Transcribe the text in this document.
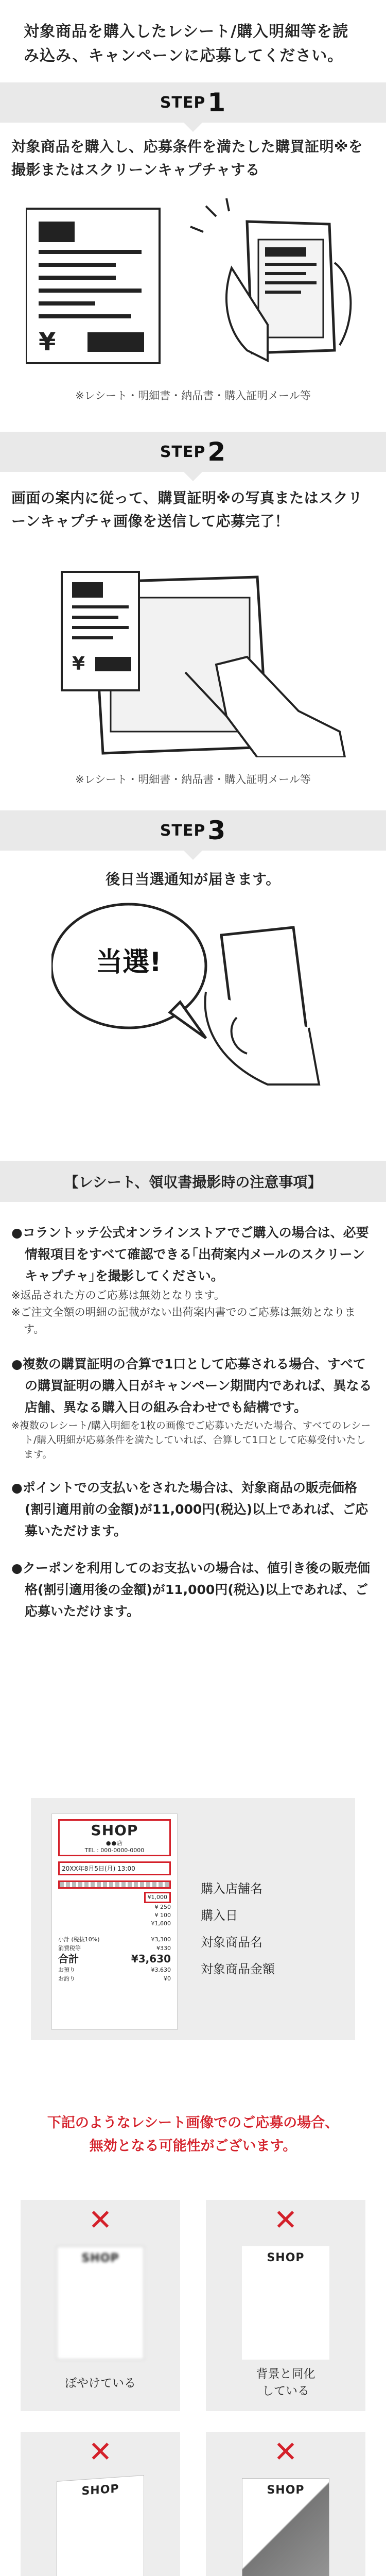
対象商品を購入したレシート/購入明細等を読み込み、キャンペーンに応募してください。

STEP 1

対象商品を購入し、応募条件を満たした購買証明※を撮影またはスクリーンキャプチャする

¥

※レシート・明細書・納品書・購入証明メール等

STEP 2

画面の案内に従って、購買証明※の写真またはスクリーンキャプチャ画像を送信して応募完了！

¥

※レシート・明細書・納品書・購入証明メール等

STEP 3

後日当選通知が届きます。

当選!
【レシート、領収書撮影時の注意事項】

●コラントッテ公式オンラインストアでご購入の場合は、必要情報項目をすべて確認できる｢出荷案内メールのスクリーンキャプチャ｣を撮影してください。

※返品された方のご応募は無効となります。

※ご注文全額の明細の記載がない出荷案内書でのご応募は無効となります。

●複数の購買証明の合算で1口として応募される場合、すべての購買証明の購入日がキャンペーン期間内であれば、異なる店舗、異なる購入日の組み合わせでも結構です。

※複数のレシート/購入明細を1枚の画像でご応募いただいた場合、すべてのレシート/購入明細が応募条件を満たしていれば、合算して1口として応募受付いたします。

●ポイントでの支払いをされた場合は、対象商品の販売価格(割引適用前の金額)が11,000円(税込)以上であれば、ご応募いただけます。

●クーポンを利用してのお支払いの場合は、値引き後の販売価格(割引適用後の金額)が11,000円(税込)以上であれば、ご応募いただけます。

SHOP
●●店
TEL : 000-0000-0000
20XX年8月5日(月) 13:00
¥1,000
¥ 250
¥ 100
¥1,600
小計 (税抜10%)	¥3,300
消費税等	¥330
合計	¥3,630
お預り	¥3,630
お釣り	¥0
購入店舗名
購入日
対象商品名
対象商品金額

下記のようなレシート画像でのご応募の場合、
無効となる可能性がございます。

✕
SHOP
ぼやけている
✕
SHOP
背景と同化
している
✕
SHOP
✕
SHOP
